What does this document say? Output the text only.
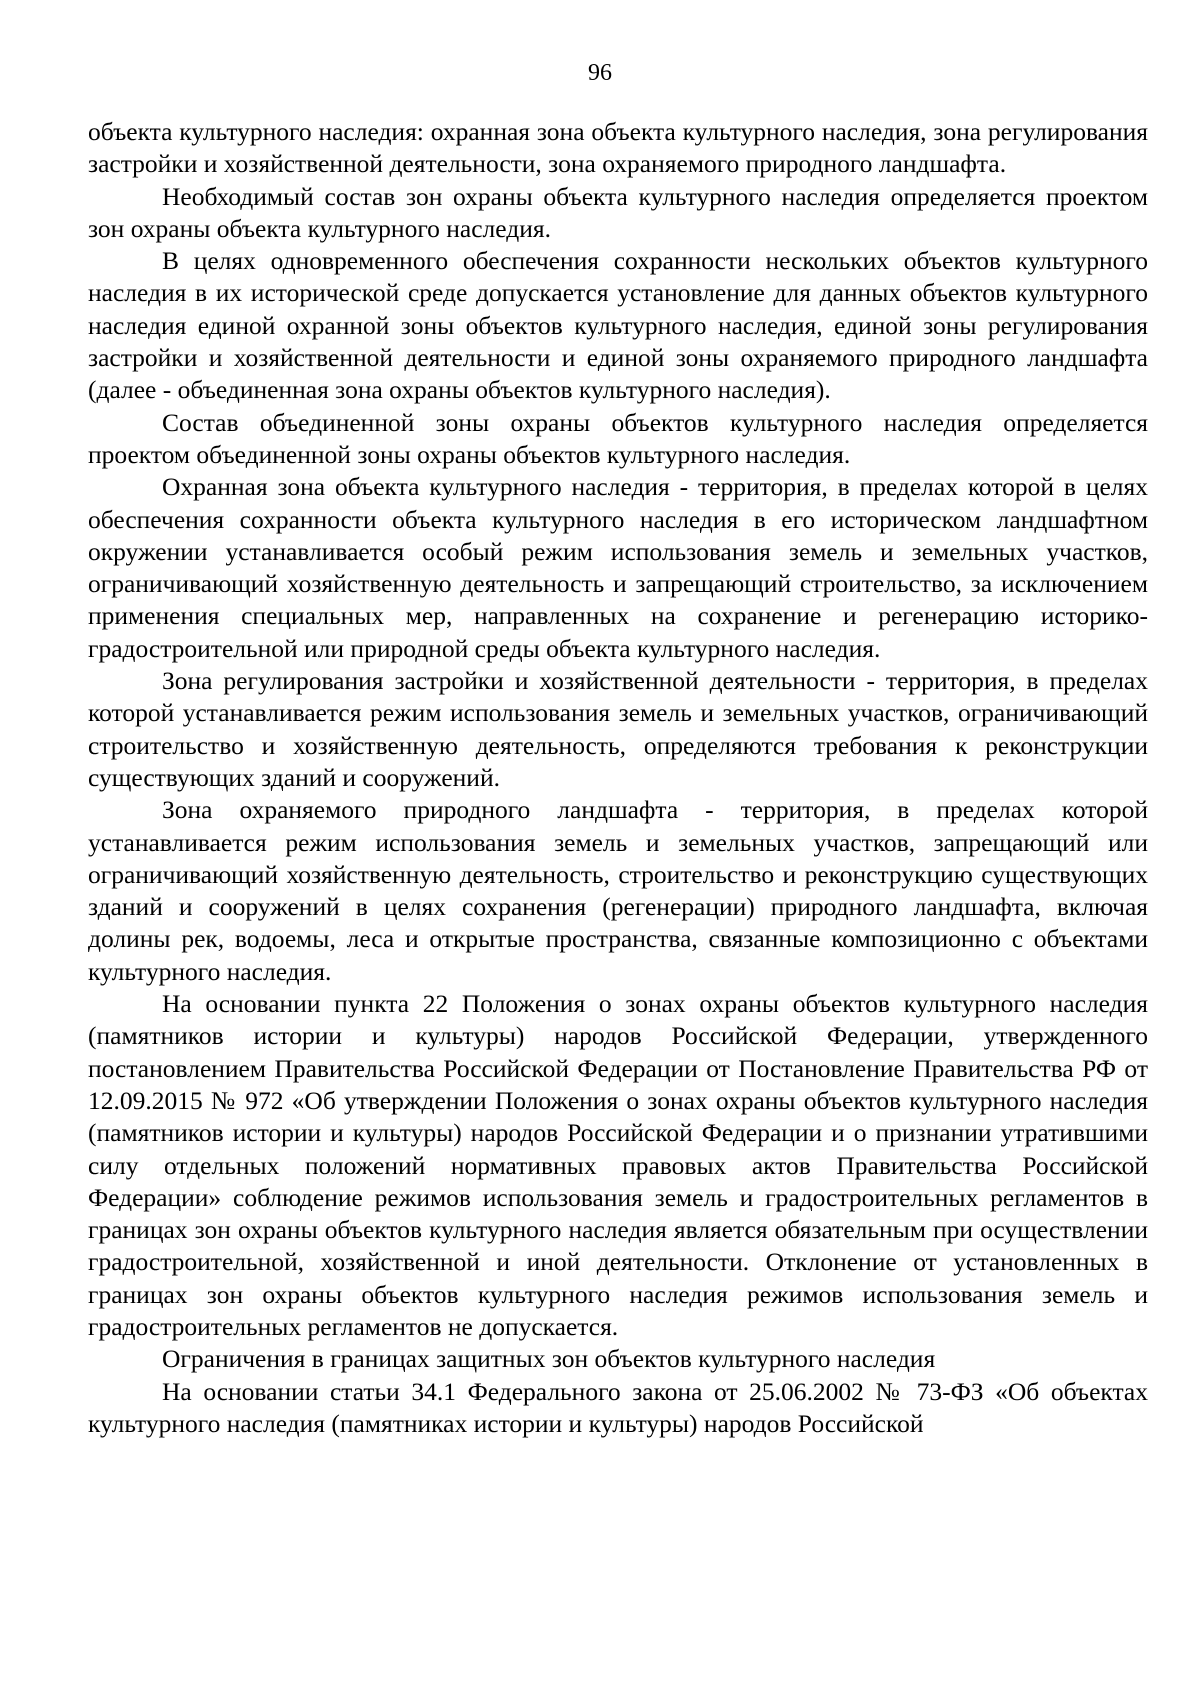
96

объекта культурного наследия: охранная зона объекта культурного наследия, зона регулирования застройки и хозяйственной деятельности, зона охраняемого природного ландшафта.

Необходимый состав зон охраны объекта культурного наследия определяется проектом зон охраны объекта культурного наследия.

В целях одновременного обеспечения сохранности нескольких объектов культурного наследия в их исторической среде допускается установление для данных объектов культурного наследия единой охранной зоны объектов культурного наследия, единой зоны регулирования застройки и хозяйственной деятельности и единой зоны охраняемого природного ландшафта (далее - объединенная зона охраны объектов культурного наследия).

Состав объединенной зоны охраны объектов культурного наследия определяется проектом объединенной зоны охраны объектов культурного наследия.

Охранная зона объекта культурного наследия - территория, в пределах которой в целях обеспечения сохранности объекта культурного наследия в его историческом ландшафтном окружении устанавливается особый режим использования земель и земельных участков, ограничивающий хозяйственную деятельность и запрещающий строительство, за исключением применения специальных мер, направленных на сохранение и регенерацию историко-градостроительной или природной среды объекта культурного наследия.

Зона регулирования застройки и хозяйственной деятельности - территория, в пределах которой устанавливается режим использования земель и земельных участков, ограничивающий строительство и хозяйственную деятельность, определяются требования к реконструкции существующих зданий и сооружений.

Зона охраняемого природного ландшафта - территория, в пределах которой устанавливается режим использования земель и земельных участков, запрещающий или ограничивающий хозяйственную деятельность, строительство и реконструкцию существующих зданий и сооружений в целях сохранения (регенерации) природного ландшафта, включая долины рек, водоемы, леса и открытые пространства, связанные композиционно с объектами культурного наследия.

На основании пункта 22 Положения о зонах охраны объектов культурного наследия (памятников истории и культуры) народов Российской Федерации, утвержденного постановлением Правительства Российской Федерации от Постановление Правительства РФ от 12.09.2015 № 972 «Об утверждении Положения о зонах охраны объектов культурного наследия (памятников истории и культуры) народов Российской Федерации и о признании утратившими силу отдельных положений нормативных правовых актов Правительства Российской Федерации» соблюдение режимов использования земель и градостроительных регламентов в границах зон охраны объектов культурного наследия является обязательным при осуществлении градостроительной, хозяйственной и иной деятельности. Отклонение от установленных в границах зон охраны объектов культурного наследия режимов использования земель и градостроительных регламентов не допускается.

Ограничения в границах защитных зон объектов культурного наследия

На основании статьи 34.1 Федерального закона от 25.06.2002 № 73-ФЗ «Об объектах культурного наследия (памятниках истории и культуры) народов Российской
